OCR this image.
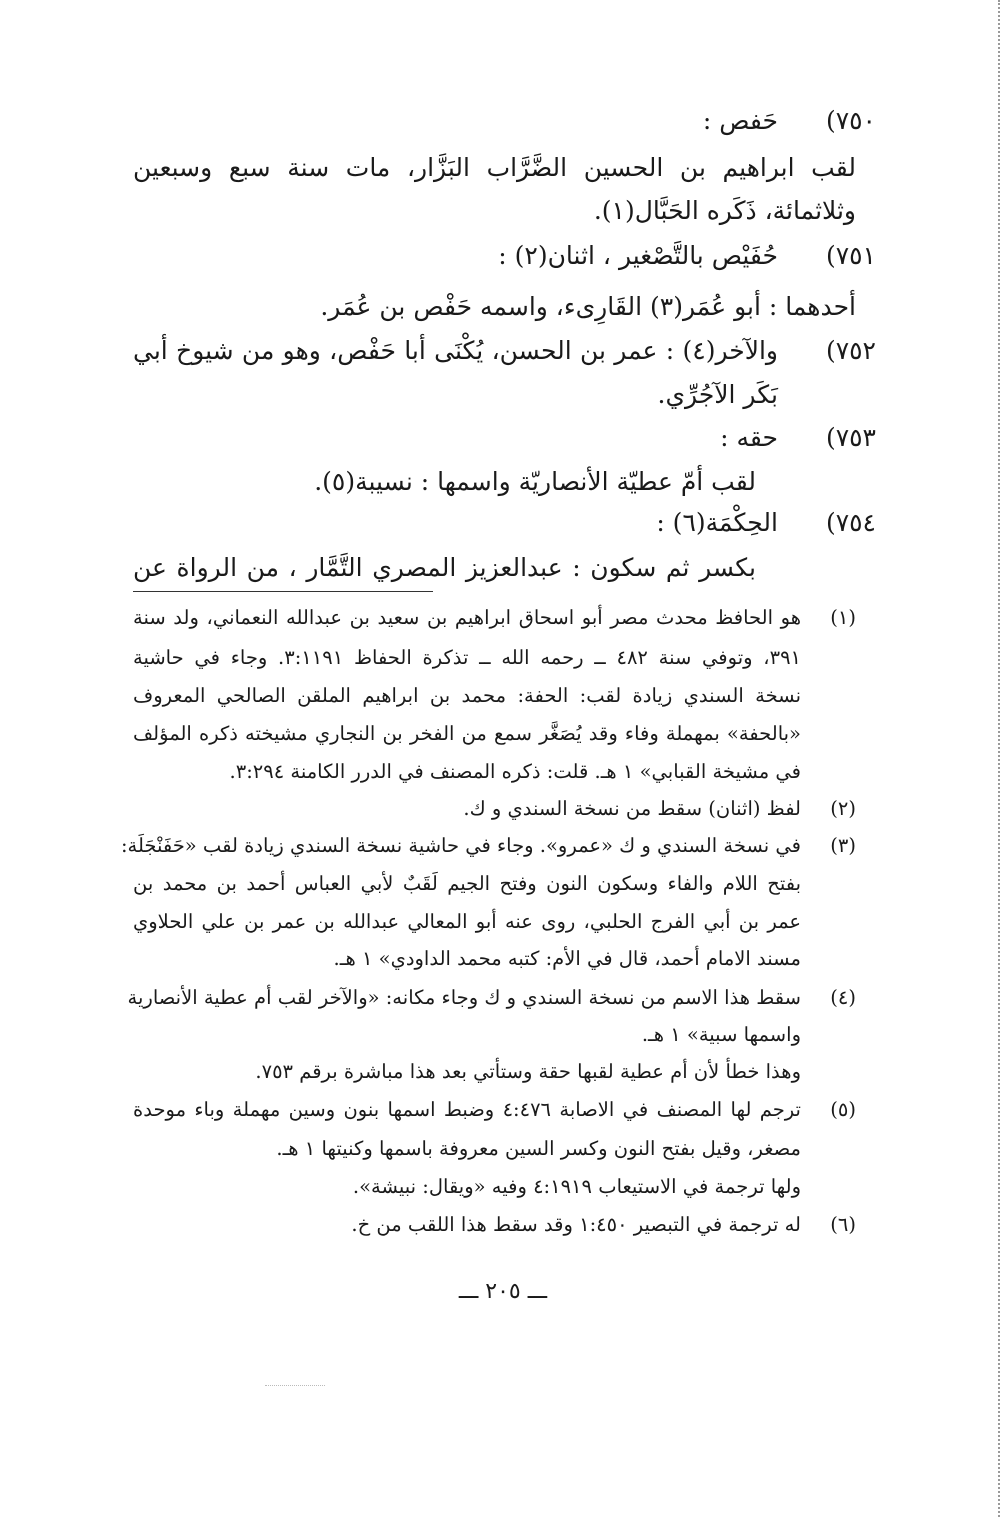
٧٥٠)
حَفص :
لقب ابراهيم بن الحسين الضَّرَّاب البَزَّار، مات سنة سبع وسبعين
وثلاثمائة، ذَكَره الحَبَّال(١).
٧٥١)
حُفَيْص بالتَّصْغير ، اثنان(٢) :
أحدهما : أبو عُمَر(٣) القَارِىء، واسمه حَفْص بن عُمَر.
٧٥٢)
والآخر(٤) : عمر بن الحسن، يُكْنَى أبا حَفْص، وهو من شيوخ أبي
بَكَر الآجُرِّي.
٧٥٣)
حقه :
لقب أمّ عطيّة الأنصاريّة واسمها : نسيبة(٥).
٧٥٤)
الحِكْمَة(٦) :
بكسر ثم سكون : عبدالعزيز المصري التَّمَّار ، من الرواة عن
(١)
هو الحافظ محدث مصر أبو اسحاق ابراهيم بن سعيد بن عبدالله النعماني، ولد سنة
٣٩١، وتوفي سنة ٤٨٢ ــ رحمه الله ــ تذكرة الحفاظ ٣:١١٩١. وجاء في حاشية
نسخة السندي زيادة لقب: الحفة: محمد بن ابراهيم الملقن الصالحي المعروف
«بالحفة» بمهملة وفاء وقد يُصَغَّر سمع من الفخر بن النجاري مشيخته ذكره المؤلف
في مشيخة القبابي» ١ هـ. قلت: ذكره المصنف في الدرر الكامنة ٣:٢٩٤.
(٢)
لفظ (اثنان) سقط من نسخة السندي و ك.
(٣)
في نسخة السندي و ك «عمرو». وجاء في حاشية نسخة السندي زيادة لقب «حَفَنْجَلَة:
بفتح اللام والفاء وسكون النون وفتح الجيم لَقَبٌ لأبي العباس أحمد بن محمد بن
عمر بن أبي الفرج الحلبي، روى عنه أبو المعالي عبدالله بن عمر بن علي الحلاوي
مسند الامام أحمد، قال في الأم: كتبه محمد الداودي» ١ هـ.
(٤)
سقط هذا الاسم من نسخة السندي و ك وجاء مكانه: «والآخر لقب أم عطية الأنصارية
واسمها سبية» ١ هـ.
وهذا خطأ لأن أم عطية لقبها حقة وستأتي بعد هذا مباشرة برقم ٧٥٣.
(٥)
ترجم لها المصنف في الاصابة ٤:٤٧٦ وضبط اسمها بنون وسين مهملة وباء موحدة
مصغر، وقيل بفتح النون وكسر السين معروفة باسمها وكنيتها ١ هـ.
ولها ترجمة في الاستيعاب ٤:١٩١٩ وفيه «ويقال: نبيشة».
(٦)
له ترجمة في التبصير ١:٤٥٠ وقد سقط هذا اللقب من خ.
ـــ ٢٠٥ ـــ
